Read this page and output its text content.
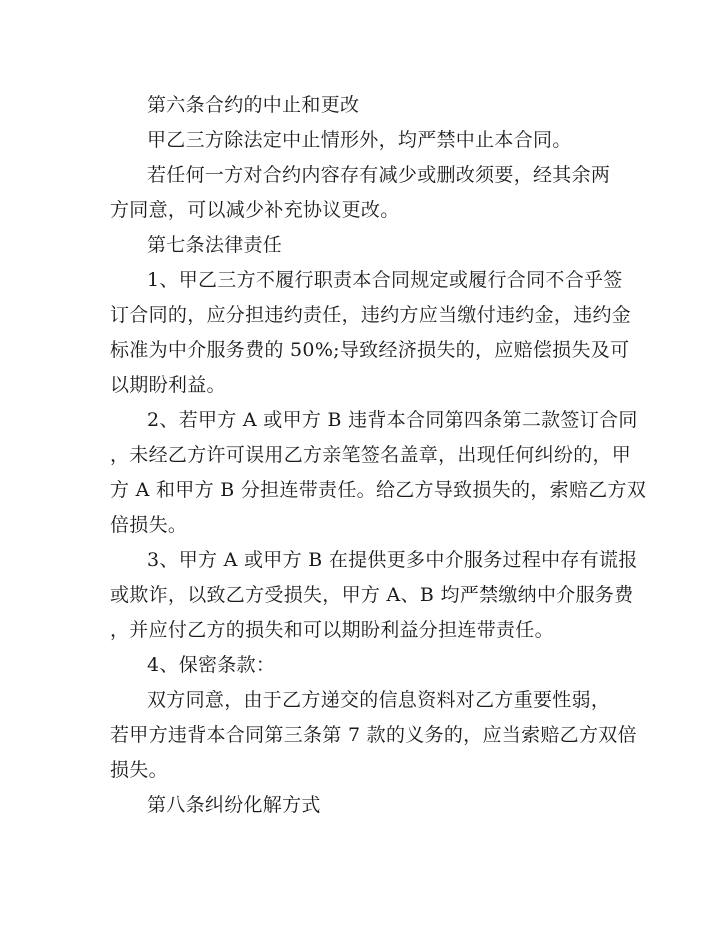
第六条合约的中止和更改
甲乙三方除法定中止情形外，均严禁中止本合同。
若任何一方对合约内容存有减少或删改须要，经其余两
方同意，可以减少补充协议更改。
第七条法律责任
1、甲乙三方不履行职责本合同规定或履行合同不合乎签
订合同的，应分担违约责任，违约方应当缴付违约金，违约金
标准为中介服务费的 50%;导致经济损失的，应赔偿损失及可
以期盼利益。
2、若甲方 A 或甲方 B 违背本合同第四条第二款签订合同
，未经乙方许可误用乙方亲笔签名盖章，出现任何纠纷的，甲
方 A 和甲方 B 分担连带责任。给乙方导致损失的，索赔乙方双
倍损失。
3、甲方 A 或甲方 B 在提供更多中介服务过程中存有谎报
或欺诈，以致乙方受损失，甲方 A、B 均严禁缴纳中介服务费
，并应付乙方的损失和可以期盼利益分担连带责任。
4、保密条款：
双方同意，由于乙方递交的信息资料对乙方重要性弱，
若甲方违背本合同第三条第 7 款的义务的，应当索赔乙方双倍
损失。
第八条纠纷化解方式
